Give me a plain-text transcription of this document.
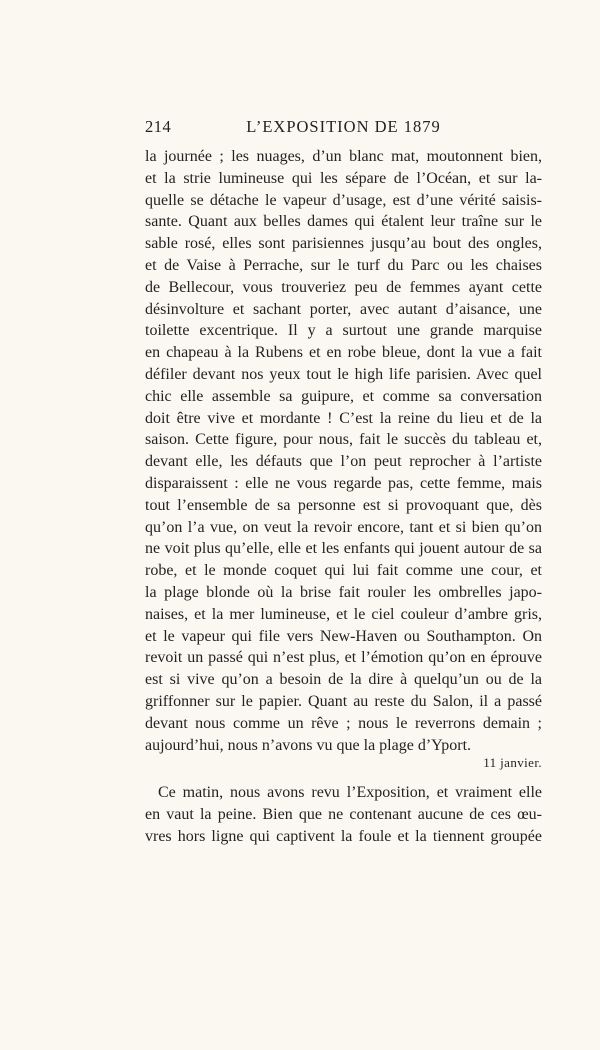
214	L’EXPOSITION DE 1879
la journée ; les nuages, d’un blanc mat, moutonnent bien,
et la strie lumineuse qui les sépare de l’Océan, et sur la-
quelle se détache le vapeur d’usage, est d’une vérité saisis-
sante. Quant aux belles dames qui étalent leur traîne sur le
sable rosé, elles sont parisiennes jusqu’au bout des ongles,
et de Vaise à Perrache, sur le turf du Parc ou les chaises
de Bellecour, vous trouveriez peu de femmes ayant cette
désinvolture et sachant porter, avec autant d’aisance, une
toilette excentrique. Il y a surtout une grande marquise
en chapeau à la Rubens et en robe bleue, dont la vue a fait
défiler devant nos yeux tout le high life parisien. Avec quel
chic elle assemble sa guipure, et comme sa conversation
doit être vive et mordante ! C’est la reine du lieu et de la
saison. Cette figure, pour nous, fait le succès du tableau et,
devant elle, les défauts que l’on peut reprocher à l’artiste
disparaissent : elle ne vous regarde pas, cette femme, mais
tout l’ensemble de sa personne est si provoquant que, dès
qu’on l’a vue, on veut la revoir encore, tant et si bien qu’on
ne voit plus qu’elle, elle et les enfants qui jouent autour de sa
robe, et le monde coquet qui lui fait comme une cour, et
la plage blonde où la brise fait rouler les ombrelles japo-
naises, et la mer lumineuse, et le ciel couleur d’ambre gris,
et le vapeur qui file vers New-Haven ou Southampton. On
revoit un passé qui n’est plus, et l’émotion qu’on en éprouve
est si vive qu’on a besoin de la dire à quelqu’un ou de la
griffonner sur le papier. Quant au reste du Salon, il a passé
devant nous comme un rêve ; nous le reverrons demain ;
aujourd’hui, nous n’avons vu que la plage d’Yport.
11 janvier.
Ce matin, nous avons revu l’Exposition, et vraiment elle
en vaut la peine. Bien que ne contenant aucune de ces œu-
vres hors ligne qui captivent la foule et la tiennent groupée
